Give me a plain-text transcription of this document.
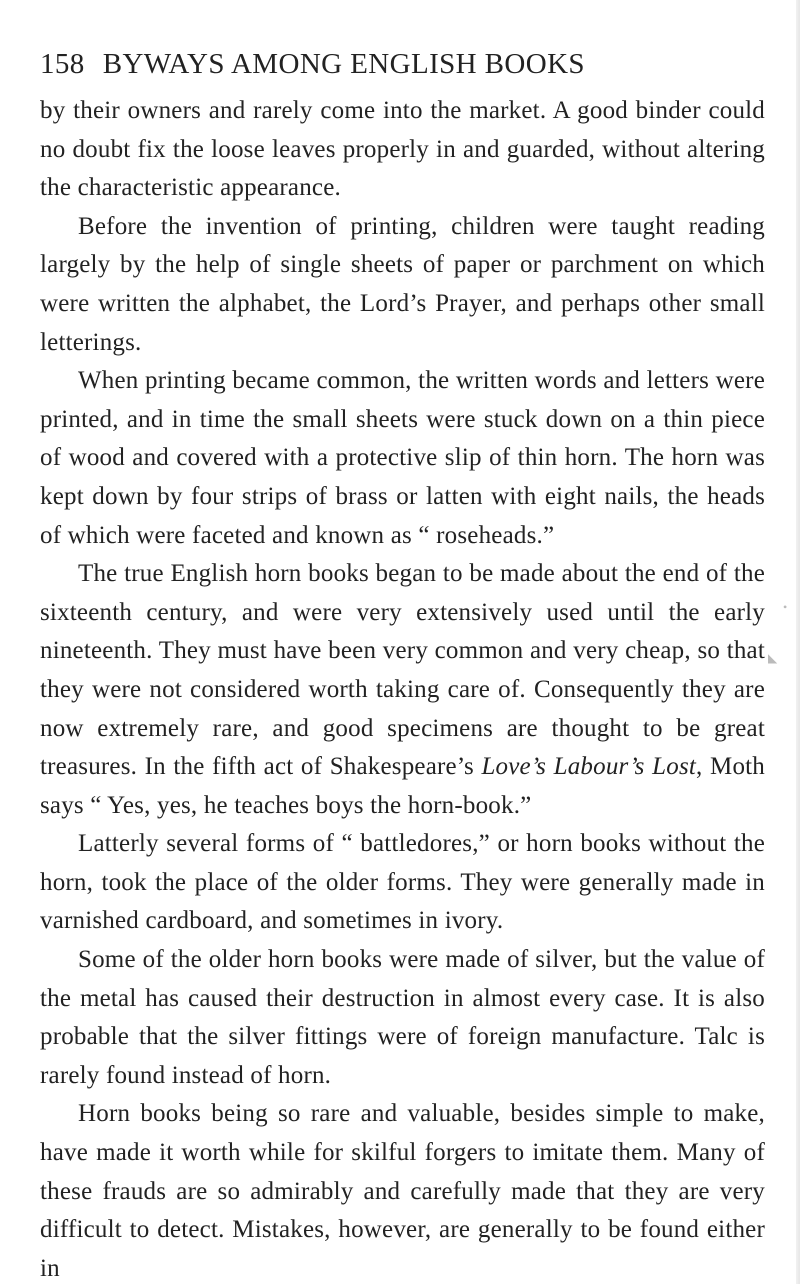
•
◣
158 BYWAYS AMONG ENGLISH BOOKS

by their owners and rarely come into the market. A good binder could no doubt fix the loose leaves properly in and guarded, without altering the characteristic appearance.

Before the invention of printing, children were taught reading largely by the help of single sheets of paper or parchment on which were written the alphabet, the Lord’s Prayer, and perhaps other small letterings.

When printing became common, the written words and letters were printed, and in time the small sheets were stuck down on a thin piece of wood and covered with a protective slip of thin horn. The horn was kept down by four strips of brass or latten with eight nails, the heads of which were faceted and known as “ roseheads.”

The true English horn books began to be made about the end of the sixteenth century, and were very extensively used until the early nineteenth. They must have been very common and very cheap, so that they were not considered worth taking care of. Consequently they are now extremely rare, and good specimens are thought to be great treasures. In the fifth act of Shakespeare’s Love’s Labour’s Lost, Moth says “ Yes, yes, he teaches boys the horn-book.”

Latterly several forms of “ battledores,” or horn books without the horn, took the place of the older forms. They were generally made in varnished cardboard, and sometimes in ivory.

Some of the older horn books were made of silver, but the value of the metal has caused their destruction in almost every case. It is also probable that the silver fittings were of foreign manufacture. Talc is rarely found instead of horn.

Horn books being so rare and valuable, besides simple to make, have made it worth while for skilful forgers to imitate them. Many of these frauds are so admirably and carefully made that they are very difficult to detect. Mistakes, however, are generally to be found either in
